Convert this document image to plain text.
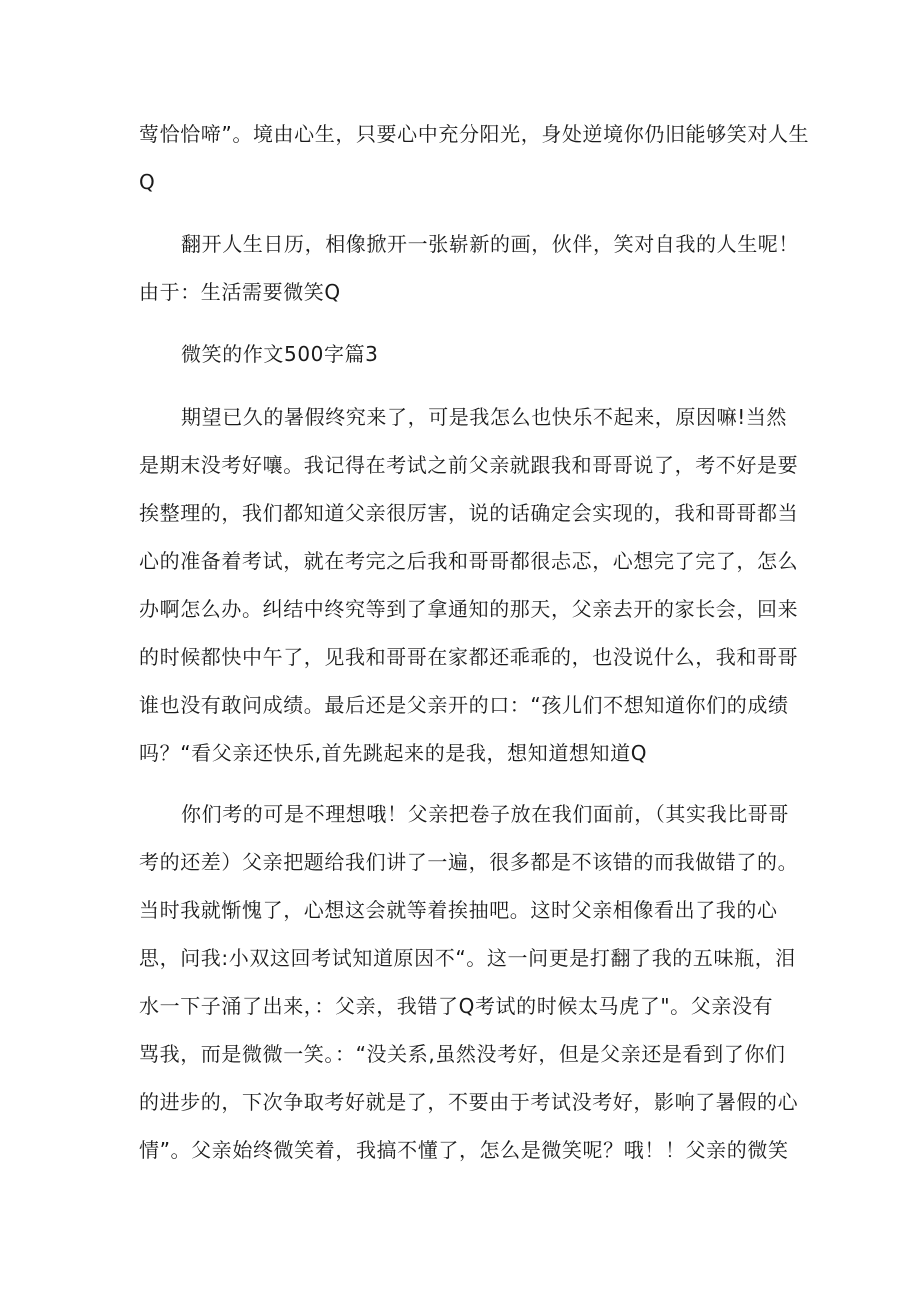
莺恰恰啼”。境由心生，只要心中充分阳光，身处逆境你仍旧能够笑对人生
Q
翻开人生日历，相像掀开一张崭新的画，伙伴，笑对自我的人生呢！
由于：生活需要微笑Q
微笑的作文500字篇3
期望已久的暑假终究来了，可是我怎么也快乐不起来，原因嘛!当然
是期末没考好嚷。我记得在考试之前父亲就跟我和哥哥说了，考不好是要
挨整理的，我们都知道父亲很厉害，说的话确定会实现的，我和哥哥都当
心的准备着考试，就在考完之后我和哥哥都很忐忑，心想完了完了，怎么
办啊怎么办。纠结中终究等到了拿通知的那天，父亲去开的家长会，回来
的时候都快中午了，见我和哥哥在家都还乖乖的，也没说什么，我和哥哥
谁也没有敢问成绩。最后还是父亲开的口：“孩儿们不想知道你们的成绩
吗？“看父亲还快乐,首先跳起来的是我，想知道想知道Q
你们考的可是不理想哦！父亲把卷子放在我们面前，（其实我比哥哥
考的还差）父亲把题给我们讲了一遍，很多都是不该错的而我做错了的。
当时我就惭愧了，心想这会就等着挨抽吧。这时父亲相像看出了我的心
思，问我:小双这回考试知道原因不“。这一问更是打翻了我的五味瓶，泪
水一下子涌了出来，：父亲，我错了Q考试的时候太马虎了"。父亲没有
骂我，而是微微一笑。：“没关系,虽然没考好，但是父亲还是看到了你们
的进步的，下次争取考好就是了，不要由于考试没考好，影响了暑假的心
情”。父亲始终微笑着，我搞不懂了，怎么是微笑呢？哦！！父亲的微笑
